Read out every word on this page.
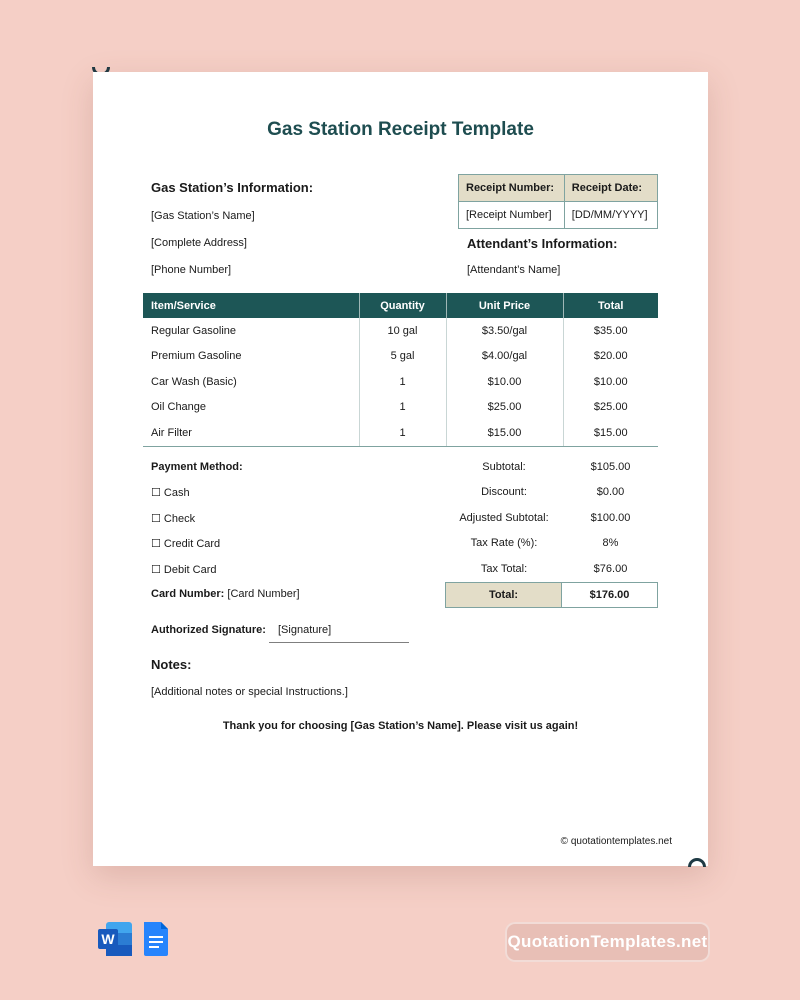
Gas Station Receipt Template
Gas Station’s Information:
[Gas Station’s Name]
[Complete Address]
[Phone Number]
Receipt Number:	Receipt Date:
[Receipt Number]	[DD/MM/YYYY]
Attendant’s Information:
[Attendant’s Name]
Item/Service	Quantity	Unit Price	Total
Regular Gasoline	10 gal	$3.50/gal	$35.00
Premium Gasoline	5 gal	$4.00/gal	$20.00
Car Wash (Basic)	1	$10.00	$10.00
Oil Change	1	$25.00	$25.00
Air Filter	1	$15.00	$15.00
Payment Method:
☐ Cash
☐ Check
☐ Credit Card
☐ Debit Card
Card Number: [Card Number]
Subtotal:	$105.00
Discount:	$0.00
Adjusted Subtotal:	$100.00
Tax Rate (%):	8%
Tax Total:	$76.00
Total:	$176.00
Authorized Signature: [Signature]
Notes:
[Additional notes or special Instructions.]
Thank you for choosing [Gas Station’s Name]. Please visit us again!
© quotationtemplates.net
W	QuotationTemplates.net
